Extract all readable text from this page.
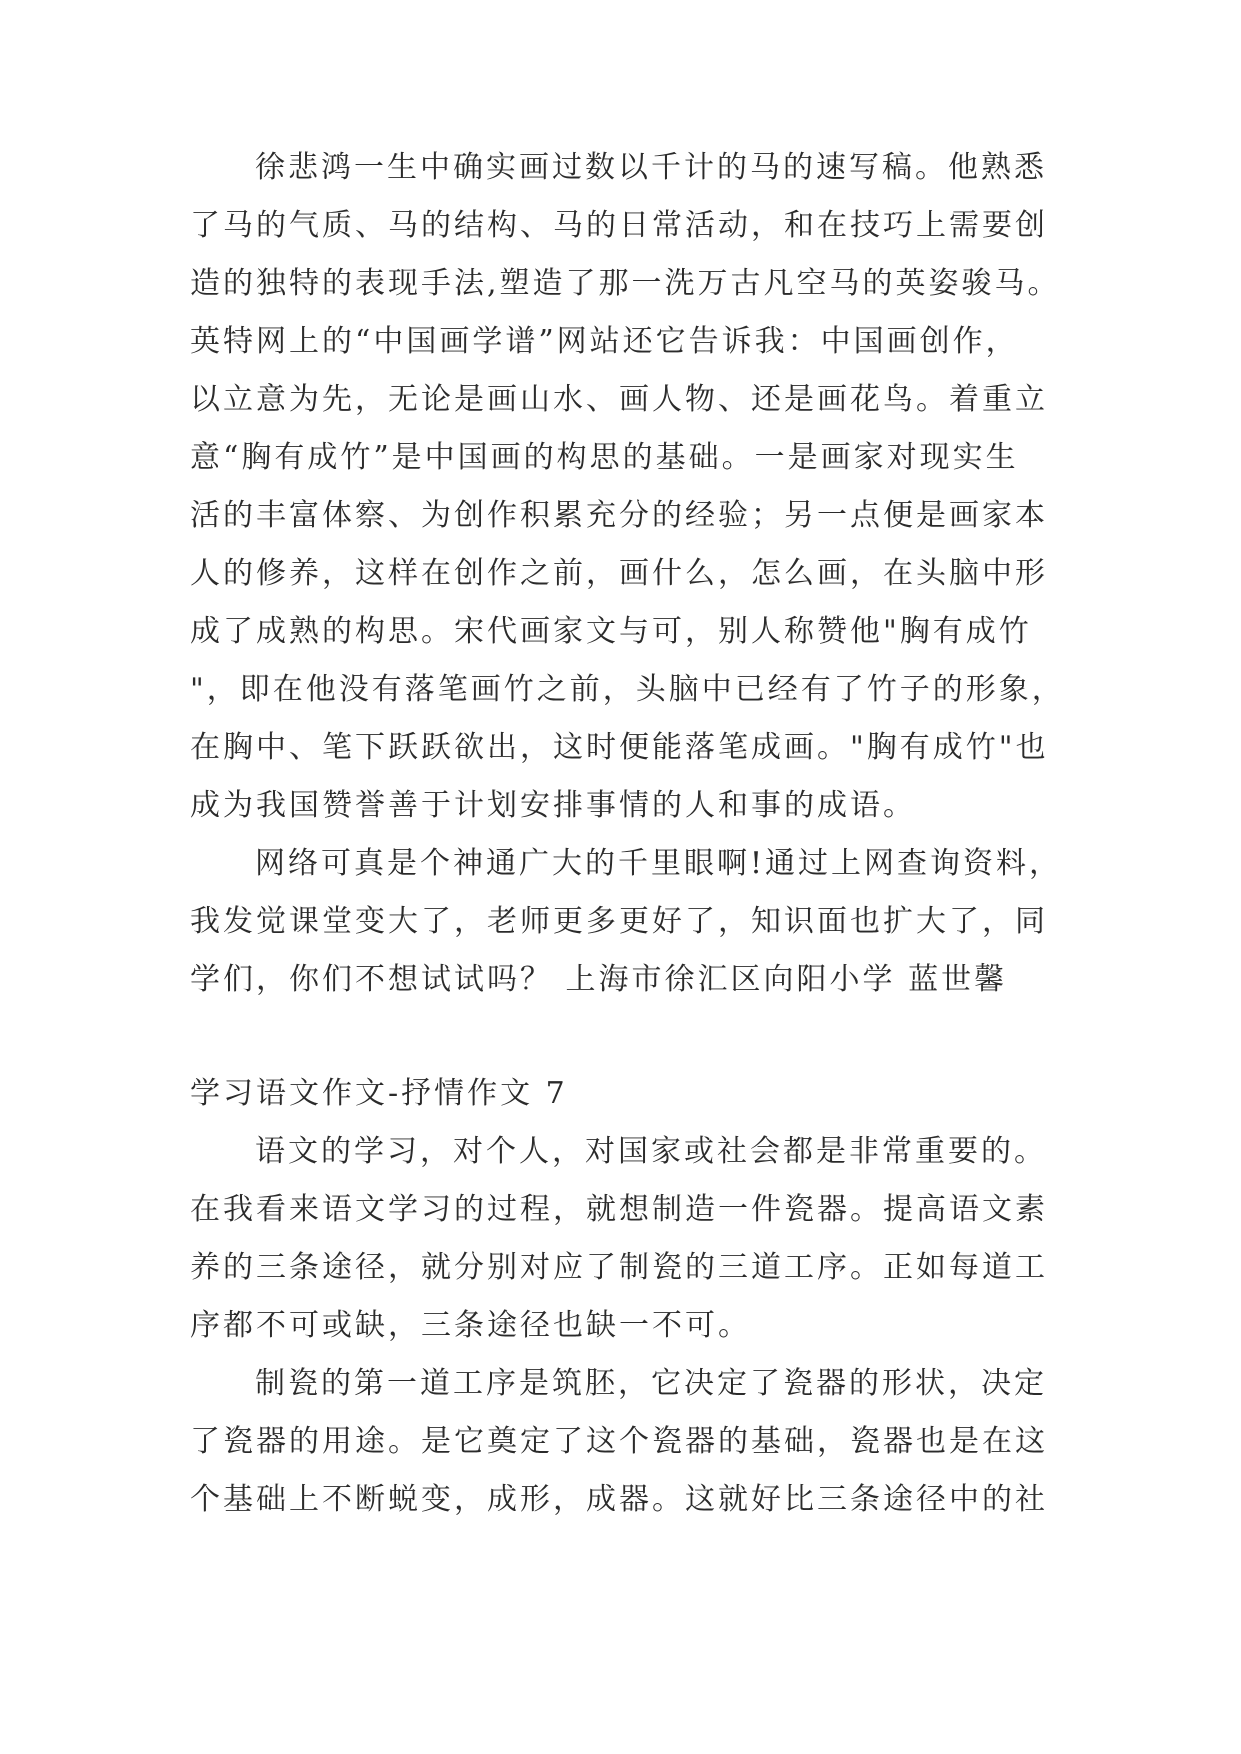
徐悲鸿一生中确实画过数以千计的马的速写稿。他熟悉
了马的气质、马的结构、马的日常活动，和在技巧上需要创
造的独特的表现手法,塑造了那一洗万古凡空马的英姿骏马。
英特网上的“中国画学谱”网站还它告诉我：中国画创作，
以立意为先，无论是画山水、画人物、还是画花鸟。着重立
意“胸有成竹”是中国画的构思的基础。一是画家对现实生
活的丰富体察、为创作积累充分的经验；另一点便是画家本
人的修养，这样在创作之前，画什么，怎么画，在头脑中形
成了成熟的构思。宋代画家文与可，别人称赞他"胸有成竹
"，即在他没有落笔画竹之前，头脑中已经有了竹子的形象，
在胸中、笔下跃跃欲出，这时便能落笔成画。"胸有成竹"也
成为我国赞誉善于计划安排事情的人和事的成语。
网络可真是个神通广大的千里眼啊!通过上网查询资料，
我发觉课堂变大了，老师更多更好了，知识面也扩大了，同
学们，你们不想试试吗？ 上海市徐汇区向阳小学 蓝世馨
学习语文作文-抒情作文 7
语文的学习，对个人，对国家或社会都是非常重要的。
在我看来语文学习的过程，就想制造一件瓷器。提高语文素
养的三条途径，就分别对应了制瓷的三道工序。正如每道工
序都不可或缺，三条途径也缺一不可。
制瓷的第一道工序是筑胚，它决定了瓷器的形状，决定
了瓷器的用途。是它奠定了这个瓷器的基础，瓷器也是在这
个基础上不断蜕变，成形，成器。这就好比三条途径中的社
